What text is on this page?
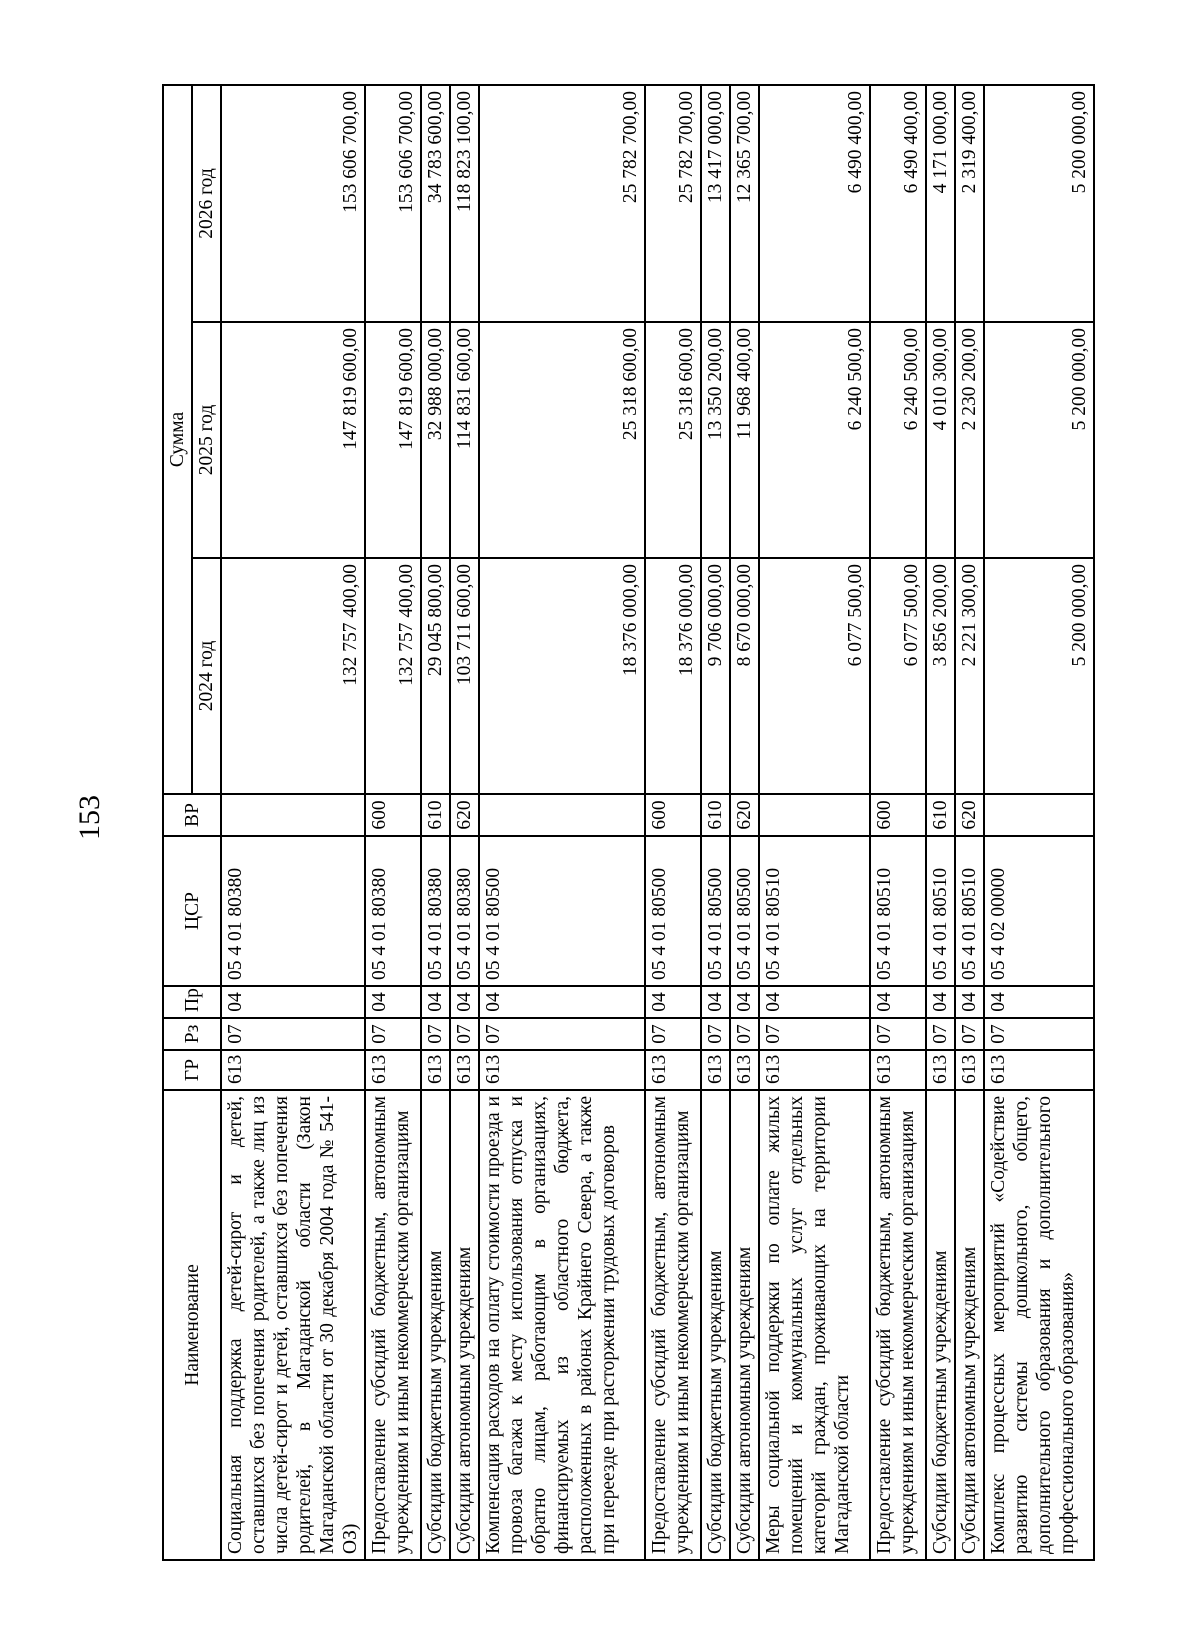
153
Наименование	ГР	Рз	Пр	ЦСР	ВР	Сумма		
						2024 год	2025 год	2026 год
Социальная поддержка детей-сирот и детей, оставшихся без попечения родителей, а также лиц из числа детей-сирот и детей, оставшихся без попечения родителей, в Магаданской области (Закон Магаданской области от 30 декабря 2004 года № 541-ОЗ)	613	07	04	05 4 01 80380		132 757 400,00	147 819 600,00	153 606 700,00
Предоставление субсидий бюджетным, автономным учреждениям и иным некоммерческим организациям	613	07	04	05 4 01 80380	600	132 757 400,00	147 819 600,00	153 606 700,00
Субсидии бюджетным учреждениям	613	07	04	05 4 01 80380	610	29 045 800,00	32 988 000,00	34 783 600,00
Субсидии автономным учреждениям	613	07	04	05 4 01 80380	620	103 711 600,00	114 831 600,00	118 823 100,00
Компенсация расходов на оплату стоимости проезда и провоза багажа к месту использования отпуска и обратно лицам, работающим в организациях, финансируемых из областного бюджета, расположенных в районах Крайнего Севера, а также при переезде при расторжении трудовых договоров	613	07	04	05 4 01 80500		18 376 000,00	25 318 600,00	25 782 700,00
Предоставление субсидий бюджетным, автономным учреждениям и иным некоммерческим организациям	613	07	04	05 4 01 80500	600	18 376 000,00	25 318 600,00	25 782 700,00
Субсидии бюджетным учреждениям	613	07	04	05 4 01 80500	610	9 706 000,00	13 350 200,00	13 417 000,00
Субсидии автономным учреждениям	613	07	04	05 4 01 80500	620	8 670 000,00	11 968 400,00	12 365 700,00
Меры социальной поддержки по оплате жилых помещений и коммунальных услуг отдельных категорий граждан, проживающих на территории Магаданской области	613	07	04	05 4 01 80510		6 077 500,00	6 240 500,00	6 490 400,00
Предоставление субсидий бюджетным, автономным учреждениям и иным некоммерческим организациям	613	07	04	05 4 01 80510	600	6 077 500,00	6 240 500,00	6 490 400,00
Субсидии бюджетным учреждениям	613	07	04	05 4 01 80510	610	3 856 200,00	4 010 300,00	4 171 000,00
Субсидии автономным учреждениям	613	07	04	05 4 01 80510	620	2 221 300,00	2 230 200,00	2 319 400,00
Комплекс процессных мероприятий «Содействие развитию системы дошкольного, общего, дополнительного образования и дополнительного профессионального образования»	613	07	04	05 4 02 00000		5 200 000,00	5 200 000,00	5 200 000,00
